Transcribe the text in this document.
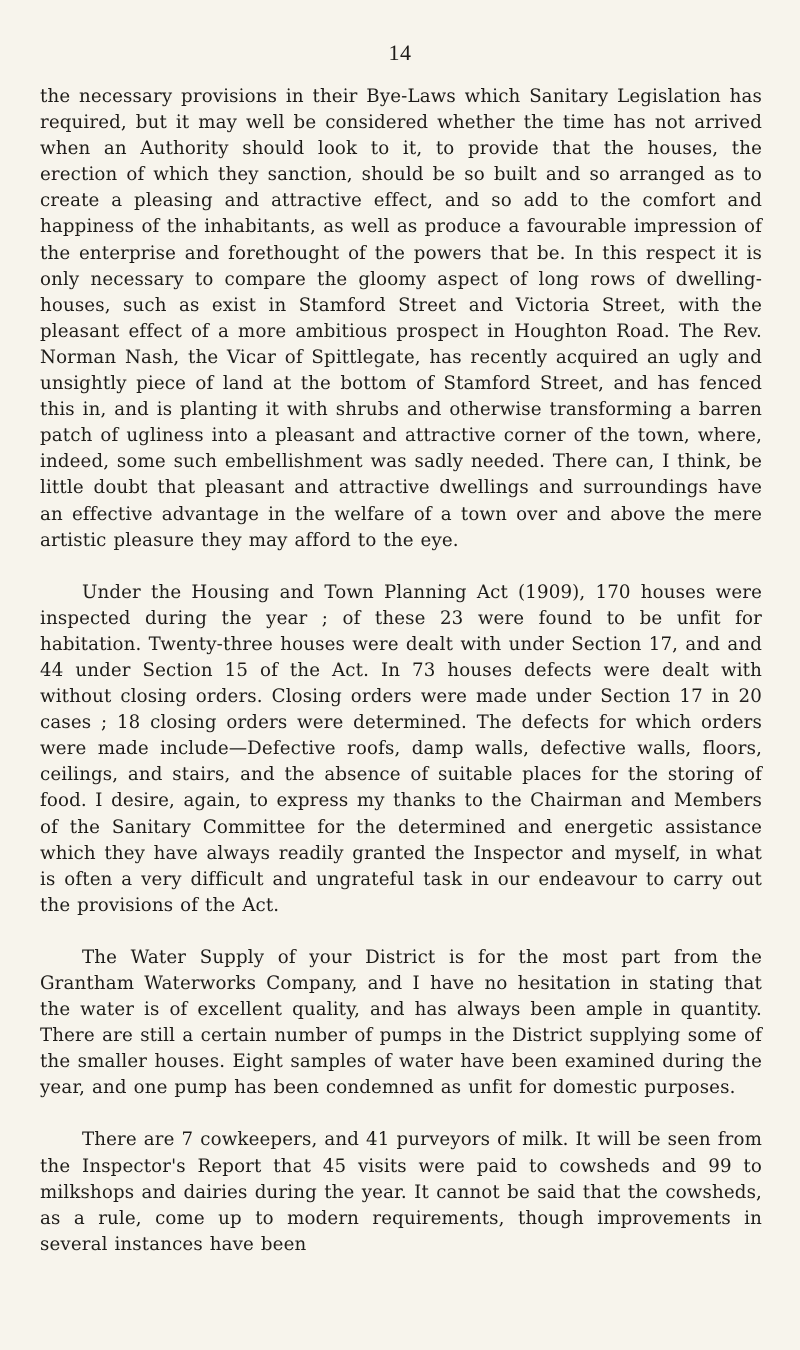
14

the necessary provisions in their Bye-Laws which Sanitary Legislation has required, but it may well be considered whether the time has not arrived when an Authority should look to it, to provide that the houses, the erection of which they sanction, should be so built and so arranged as to create a pleasing and attractive effect, and so add to the comfort and happiness of the inhabitants, as well as produce a favourable impression of the enterprise and forethought of the powers that be. In this respect it is only necessary to compare the gloomy aspect of long rows of dwelling-houses, such as exist in Stamford Street and Victoria Street, with the pleasant effect of a more ambitious prospect in Houghton Road. The Rev. Norman Nash, the Vicar of Spittlegate, has recently acquired an ugly and unsightly piece of land at the bottom of Stamford Street, and has fenced this in, and is planting it with shrubs and otherwise transforming a barren patch of ugliness into a pleasant and attractive corner of the town, where, indeed, some such embellishment was sadly needed. There can, I think, be little doubt that pleasant and attractive dwellings and surroundings have an effective advantage in the welfare of a town over and above the mere artistic pleasure they may afford to the eye.

Under the Housing and Town Planning Act (1909), 170 houses were inspected during the year ; of these 23 were found to be unfit for habitation. Twenty-three houses were dealt with under Section 17, and and 44 under Section 15 of the Act. In 73 houses defects were dealt with without closing orders. Closing orders were made under Section 17 in 20 cases ; 18 closing orders were determined. The defects for which orders were made include—Defective roofs, damp walls, defective walls, floors, ceilings, and stairs, and the absence of suitable places for the storing of food. I desire, again, to express my thanks to the Chairman and Members of the Sanitary Committee for the determined and energetic assistance which they have always readily granted the Inspector and myself, in what is often a very difficult and ungrateful task in our endeavour to carry out the provisions of the Act.

The Water Supply of your District is for the most part from the Grantham Waterworks Company, and I have no hesitation in stating that the water is of excellent quality, and has always been ample in quantity. There are still a certain number of pumps in the District supplying some of the smaller houses. Eight samples of water have been examined during the year, and one pump has been condemned as unfit for domestic purposes.

There are 7 cowkeepers, and 41 purveyors of milk. It will be seen from the Inspector's Report that 45 visits were paid to cowsheds and 99 to milkshops and dairies during the year. It cannot be said that the cowsheds, as a rule, come up to modern requirements, though improvements in several instances have been
